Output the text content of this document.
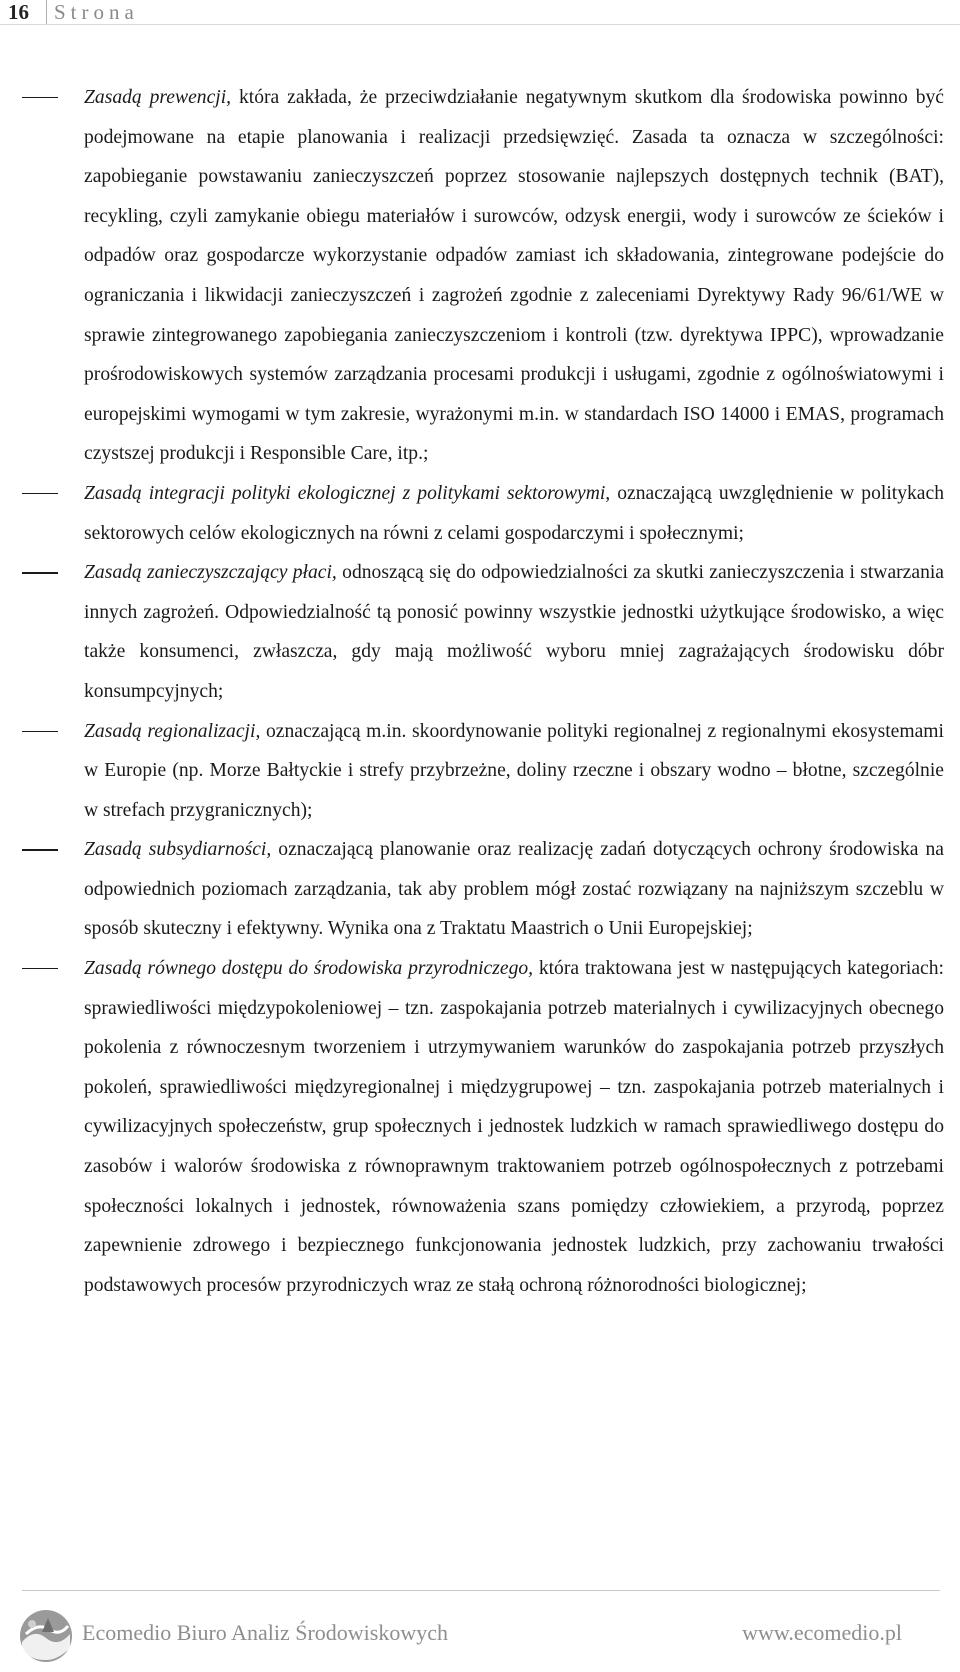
16 Strona

Zasadą prewencji, która zakłada, że przeciwdziałanie negatywnym skutkom dla środowiska powinno być podejmowane na etapie planowania i realizacji przedsięwzięć. Zasada ta oznacza w szczególności: zapobieganie powstawaniu zanieczyszczeń poprzez stosowanie najlepszych dostępnych technik (BAT), recykling, czyli zamykanie obiegu materiałów i surowców, odzysk energii, wody i surowców ze ścieków i odpadów oraz gospodarcze wykorzystanie odpadów zamiast ich składowania, zintegrowane podejście do ograniczania i likwidacji zanieczyszczeń i zagrożeń zgodnie z zaleceniami Dyrektywy Rady 96/61/WE w sprawie zintegrowanego zapobiegania zanieczyszczeniom i kontroli (tzw. dyrektywa IPPC), wprowadzanie prośrodowiskowych systemów zarządzania procesami produkcji i usługami, zgodnie z ogólnoświatowymi i europejskimi wymogami w tym zakresie, wyrażonymi m.in. w standardach ISO 14000 i EMAS, programach czystszej produkcji i Responsible Care, itp.;

Zasadą integracji polityki ekologicznej z politykami sektorowymi, oznaczającą uwzględnienie w politykach sektorowych celów ekologicznych na równi z celami gospodarczymi i społecznymi;

Zasadą zanieczyszczający płaci, odnoszącą się do odpowiedzialności za skutki zanieczyszczenia i stwarzania innych zagrożeń. Odpowiedzialność tą ponosić powinny wszystkie jednostki użytkujące środowisko, a więc także konsumenci, zwłaszcza, gdy mają możliwość wyboru mniej zagrażających środowisku dóbr konsumpcyjnych;

Zasadą regionalizacji, oznaczającą m.in. skoordynowanie polityki regionalnej z regionalnymi ekosystemami w Europie (np. Morze Bałtyckie i strefy przybrzeżne, doliny rzeczne i obszary wodno – błotne, szczególnie w strefach przygranicznych);

Zasadą subsydiarności, oznaczającą planowanie oraz realizację zadań dotyczących ochrony środowiska na odpowiednich poziomach zarządzania, tak aby problem mógł zostać rozwiązany na najniższym szczeblu w sposób skuteczny i efektywny. Wynika ona z Traktatu Maastrich o Unii Europejskiej;

Zasadą równego dostępu do środowiska przyrodniczego, która traktowana jest w następujących kategoriach: sprawiedliwości międzypokoleniowej – tzn. zaspokajania potrzeb materialnych i cywilizacyjnych obecnego pokolenia z równoczesnym tworzeniem i utrzymywaniem warunków do zaspokajania potrzeb przyszłych pokoleń, sprawiedliwości międzyregionalnej i międzygrupowej – tzn. zaspokajania potrzeb materialnych i cywilizacyjnych społeczeństw, grup społecznych i jednostek ludzkich w ramach sprawiedliwego dostępu do zasobów i walorów środowiska z równoprawnym traktowaniem potrzeb ogólnospołecznych z potrzebami społeczności lokalnych i jednostek, równoważenia szans pomiędzy człowiekiem, a przyrodą, poprzez zapewnienie zdrowego i bezpiecznego funkcjonowania jednostek ludzkich, przy zachowaniu trwałości podstawowych procesów przyrodniczych wraz ze stałą ochroną różnorodności biologicznej;

Ecomedio Biuro Analiz Środowiskowych	www.ecomedio.pl
